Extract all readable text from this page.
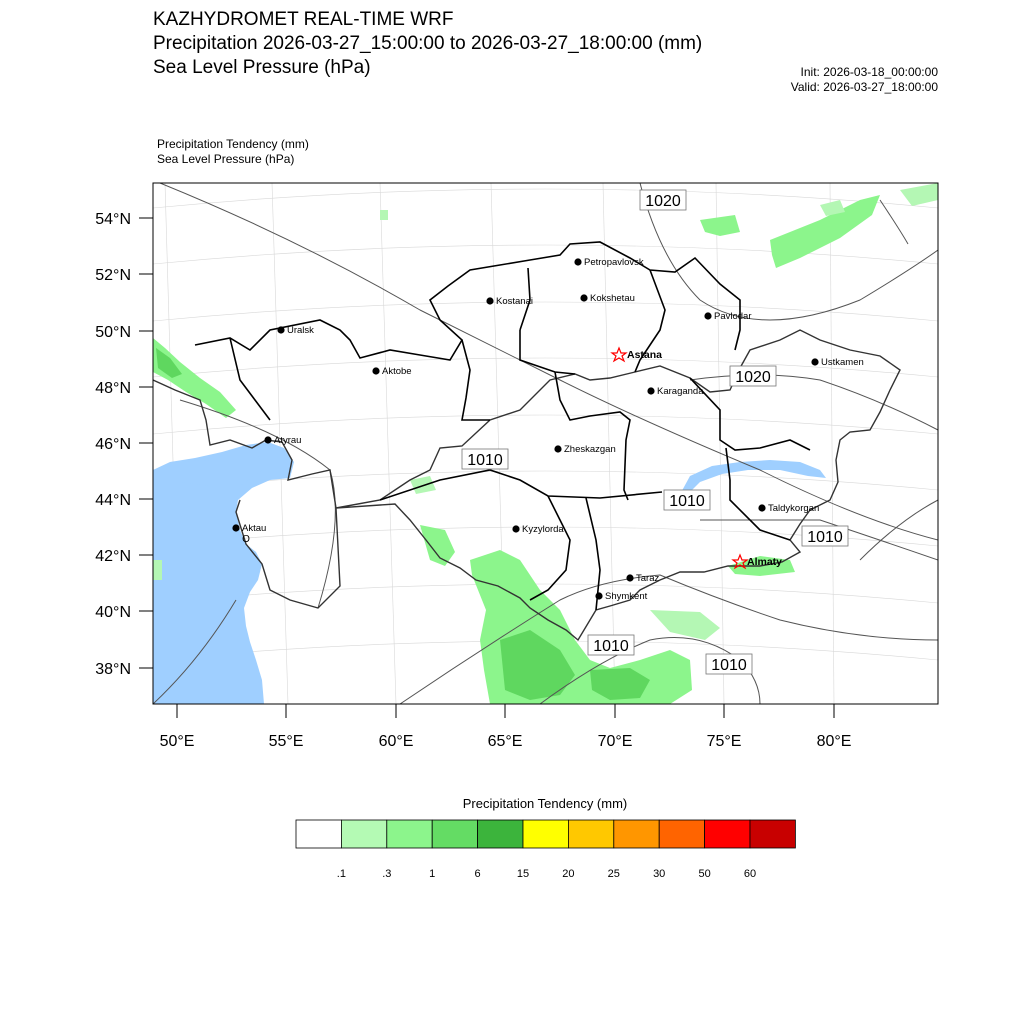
KAZHYDROMET REAL-TIME WRF
Precipitation 2026-03-27_15:00:00 to 2026-03-27_18:00:00 (mm)
Sea Level Pressure (hPa)	Init: 2026-03-18_00:00:00
Valid: 2026-03-27_18:00:00
Precipitation Tendency (mm)
Sea Level Pressure (hPa)
54°N
52°N
50°N
48°N
46°N
44°N
42°N
40°N
38°N
50°E	55°E	60°E	65°E	70°E	75°E	80°E
1020
1020
1010
1010
1010
1010
1010
O
Petropavlovsk
Kostanai	Kokshetau
Pavlodar
Uralsk
Astana
Aktobe
Karaganda
Ustkamen
Atyrau
Zheskazgan
Aktau	Kyzylorda
Taldykorgan
Almaty
Taraz
Shymkent
Precipitation Tendency (mm)
.1	.3	1	6	15	20	25	30	50	60
